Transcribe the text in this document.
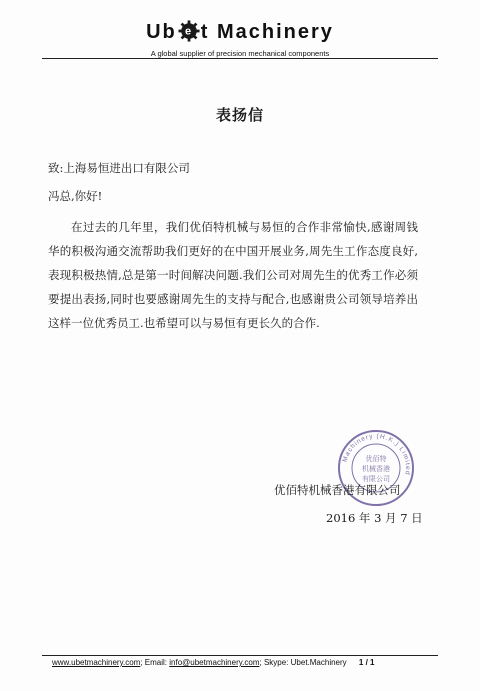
Ub e t Machinery
A global supplier of precision mechanical components
表扬信
致:上海易恒进出口有限公司
冯总,你好!
在过去的几年里，我们优佰特机械与易恒的合作非常愉快,感谢周钱华的积极沟通交流帮助我们更好的在中国开展业务,周先生工作态度良好,表现积极热情,总是第一时间解决问题.我们公司对周先生的优秀工作必须要提出表扬,同时也要感谢周先生的支持与配合,也感谢贵公司领导培养出这样一位优秀员工.也希望可以与易恒有更长久的合作.
Machinery (H.K.) Limited
优佰特
机械香港
有限公司
优佰特机械香港有限公司
2016 年 3 月 7 日
www.ubetmachinery.com; Email: info@ubetmachinery.com; Skype: Ubet.Machinery 1 / 1
